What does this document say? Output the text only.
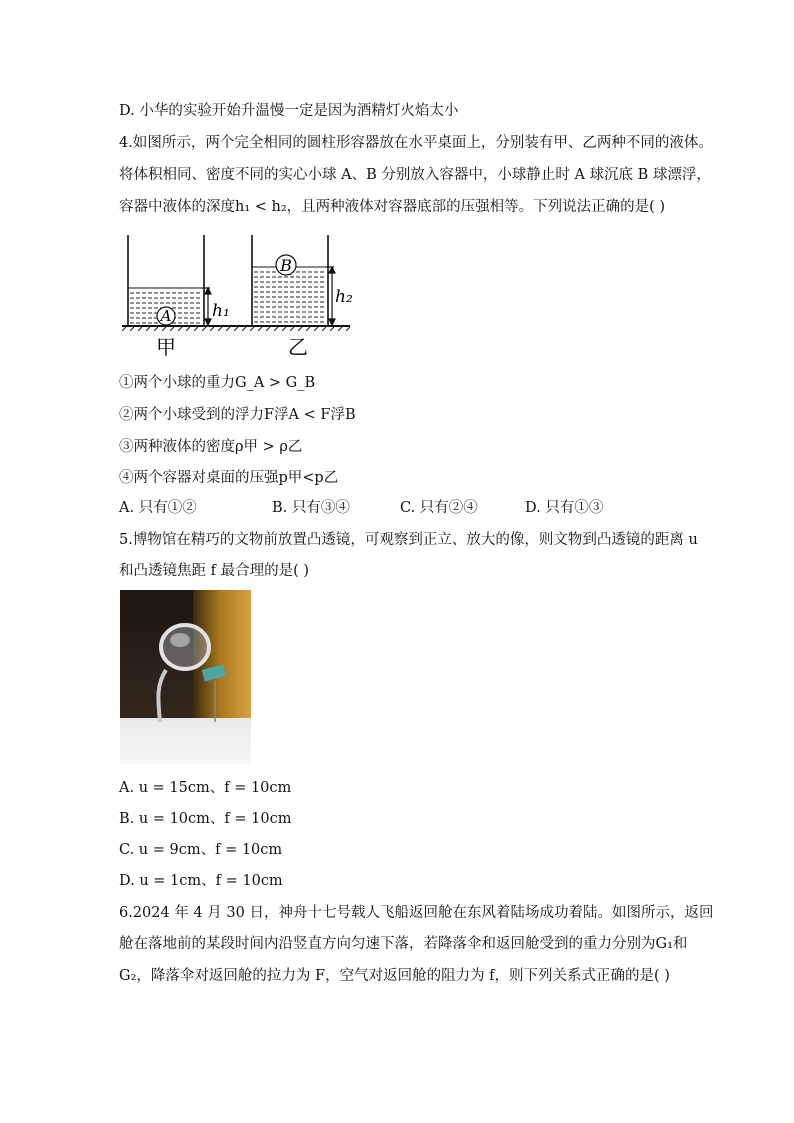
D. 小华的实验开始升温慢一定是因为酒精灯火焰太小
4.如图所示，两个完全相同的圆柱形容器放在水平桌面上，分别装有甲、乙两种不同的液体。
将体积相同、密度不同的实心小球 A、B 分别放入容器中，小球静止时 A 球沉底 B 球漂浮，
容器中液体的深度h₁ < h₂，且两种液体对容器底部的压强相等。下列说法正确的是( )
A h₁
B
h₂
甲	乙
①两个小球的重力G_A > G_B
②两个小球受到的浮力F浮A < F浮B
③两种液体的密度ρ甲 > ρ乙
④两个容器对桌面的压强p甲<p乙
A. 只有①②	B. 只有③④	C. 只有②④	D. 只有①③
5.博物馆在精巧的文物前放置凸透镜，可观察到正立、放大的像，则文物到凸透镜的距离 u
和凸透镜焦距 f 最合理的是( )
A. u = 15cm、f = 10cm
B. u = 10cm、f = 10cm
C. u = 9cm、f = 10cm
D. u = 1cm、f = 10cm
6.2024 年 4 月 30 日，神舟十七号载人飞船返回舱在东风着陆场成功着陆。如图所示，返回
舱在落地前的某段时间内沿竖直方向匀速下落，若降落伞和返回舱受到的重力分别为G₁和
G₂，降落伞对返回舱的拉力为 F，空气对返回舱的阻力为 f，则下列关系式正确的是( )
